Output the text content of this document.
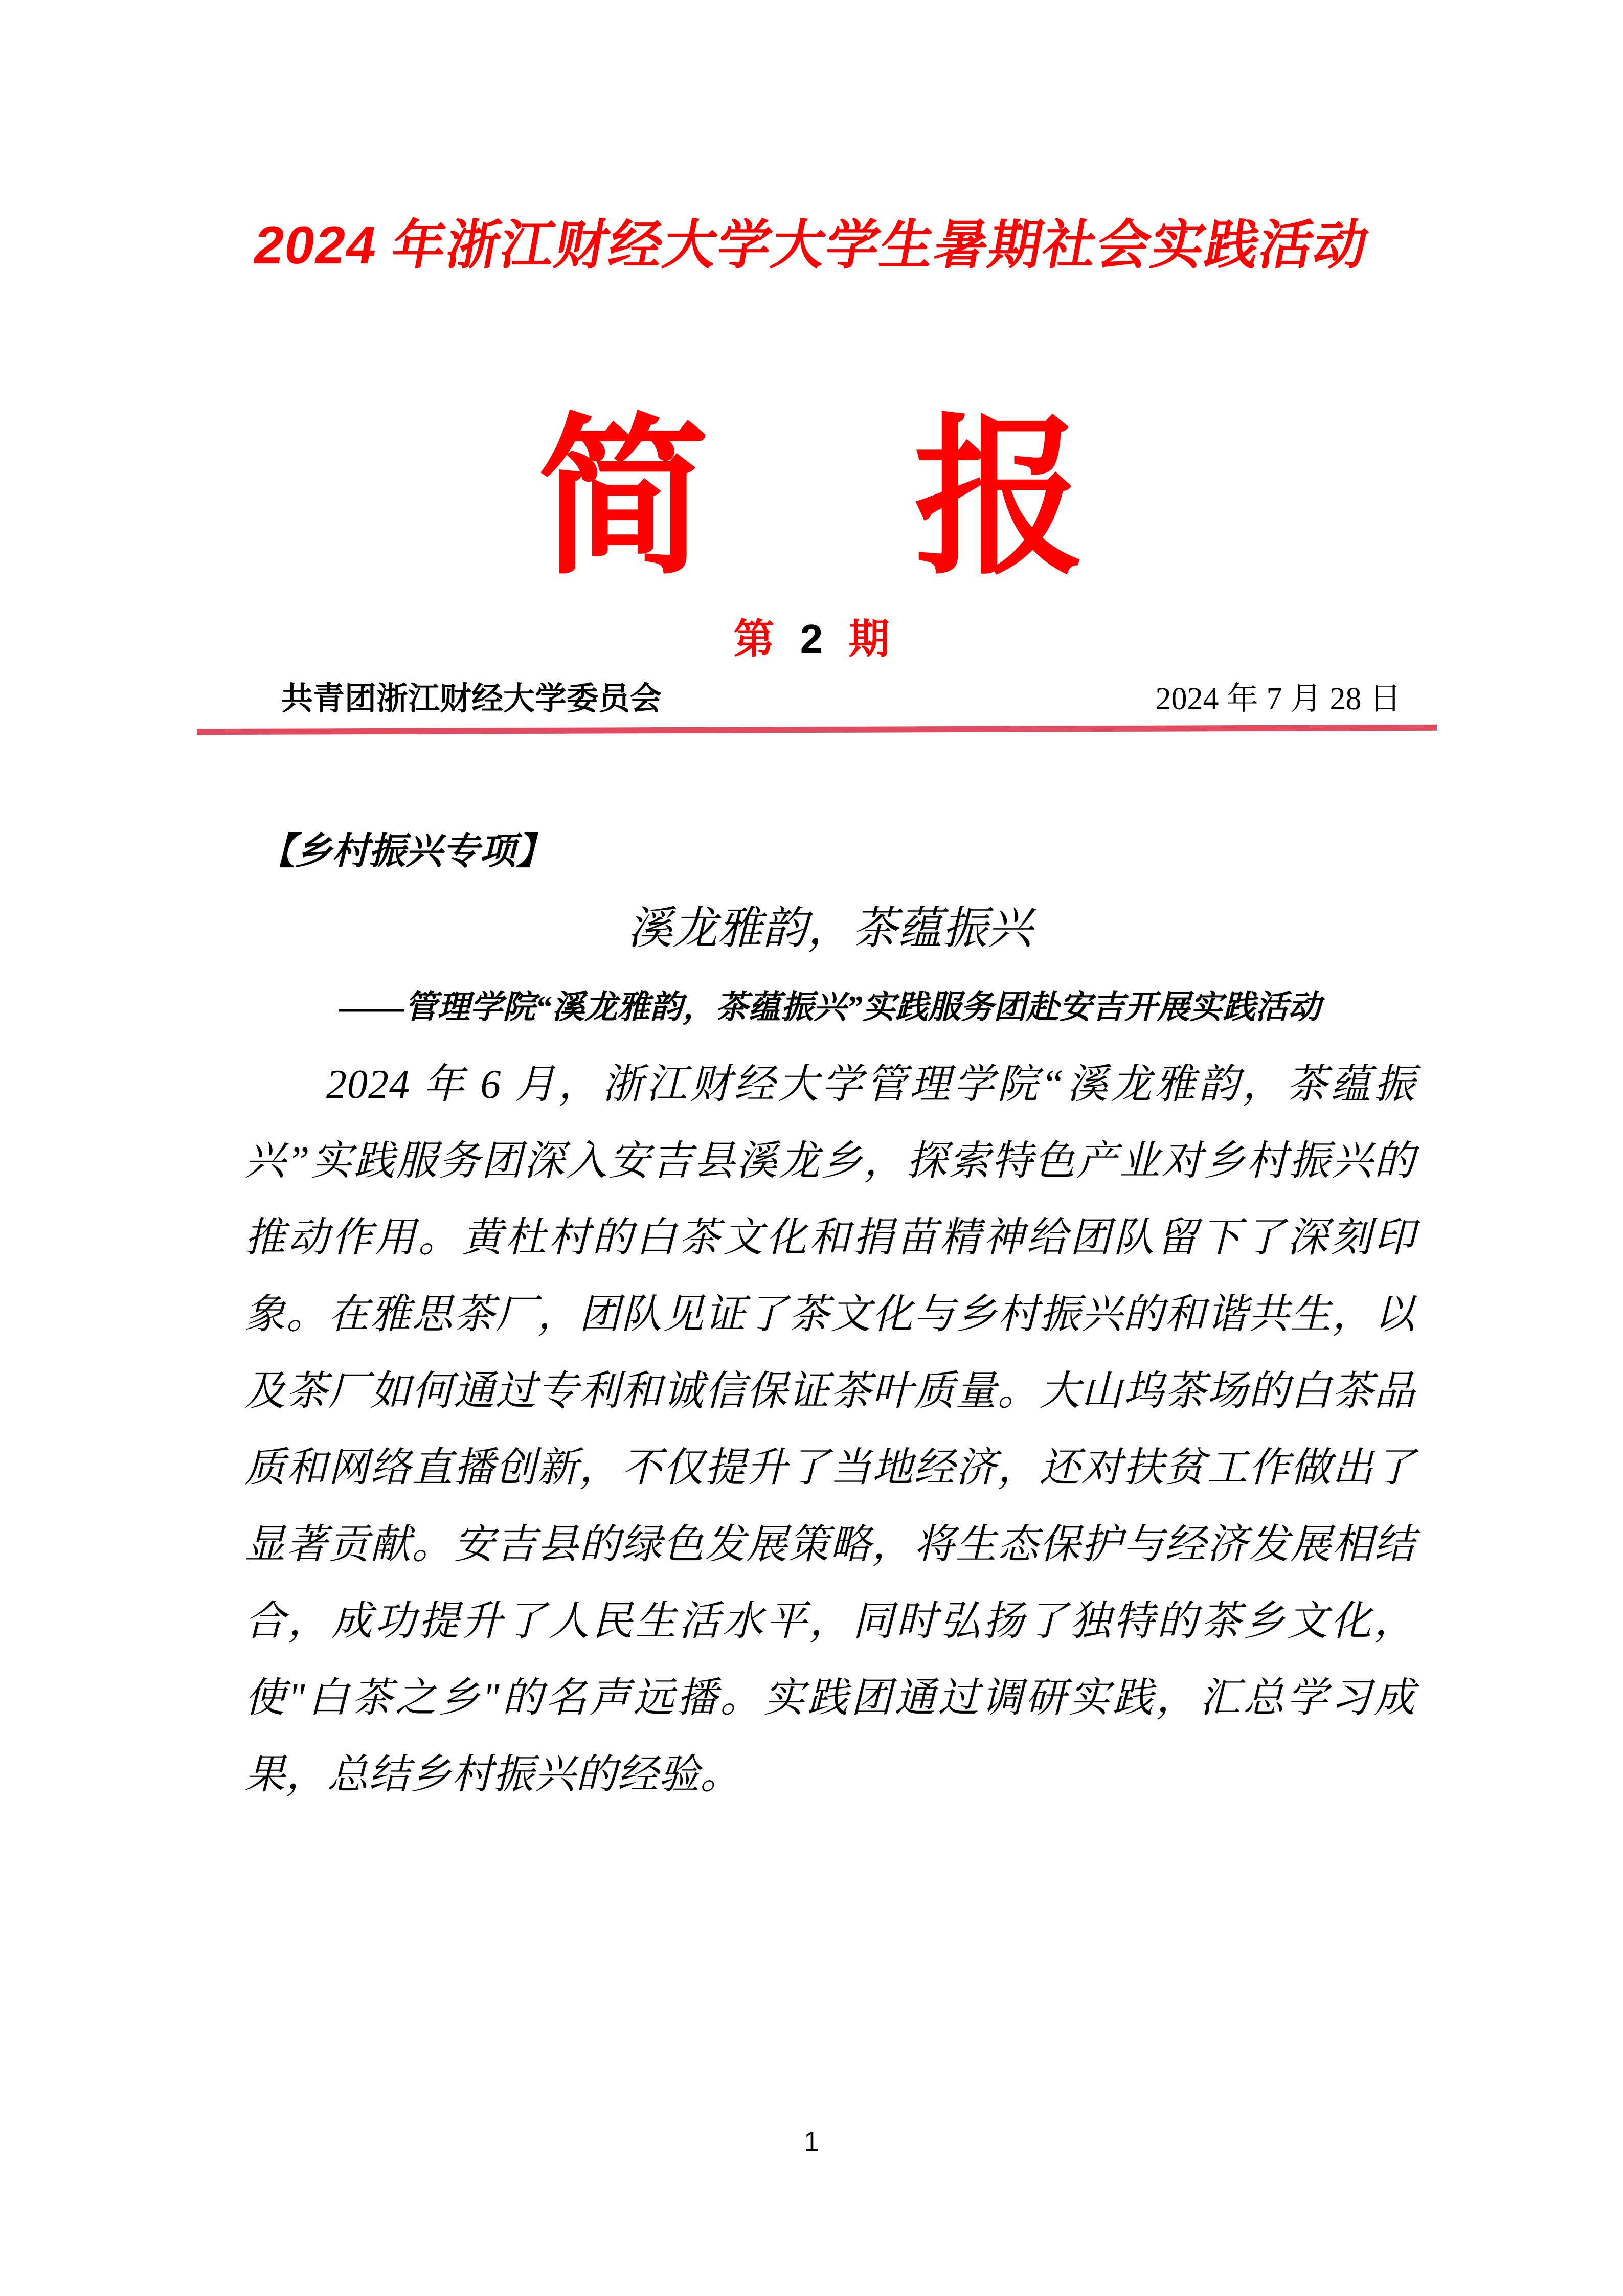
2024 年浙江财经大学大学生暑期社会实践活动
简 报
第 2 期
共青团浙江财经大学委员会	2024 年 7 月 28 日
【乡村振兴专项】
溪龙雅韵，茶蕴振兴
——管理学院“溪龙雅韵，茶蕴振兴”实践服务团赴安吉开展实践活动
2024 年 6 月，浙江财经大学管理学院“溪龙雅韵，茶蕴振兴”实践服务团深入安吉县溪龙乡，探索特色产业对乡村振兴的推动作用。黄杜村的白茶文化和捐苗精神给团队留下了深刻印象。在雅思茶厂，团队见证了茶文化与乡村振兴的和谐共生，以及茶厂如何通过专利和诚信保证茶叶质量。大山坞茶场的白茶品质和网络直播创新，不仅提升了当地经济，还对扶贫工作做出了显著贡献。安吉县的绿色发展策略，将生态保护与经济发展相结合，成功提升了人民生活水平，同时弘扬了独特的茶乡文化，使"白茶之乡"的名声远播。实践团通过调研实践，汇总学习成果，总结乡村振兴的经验。
1
